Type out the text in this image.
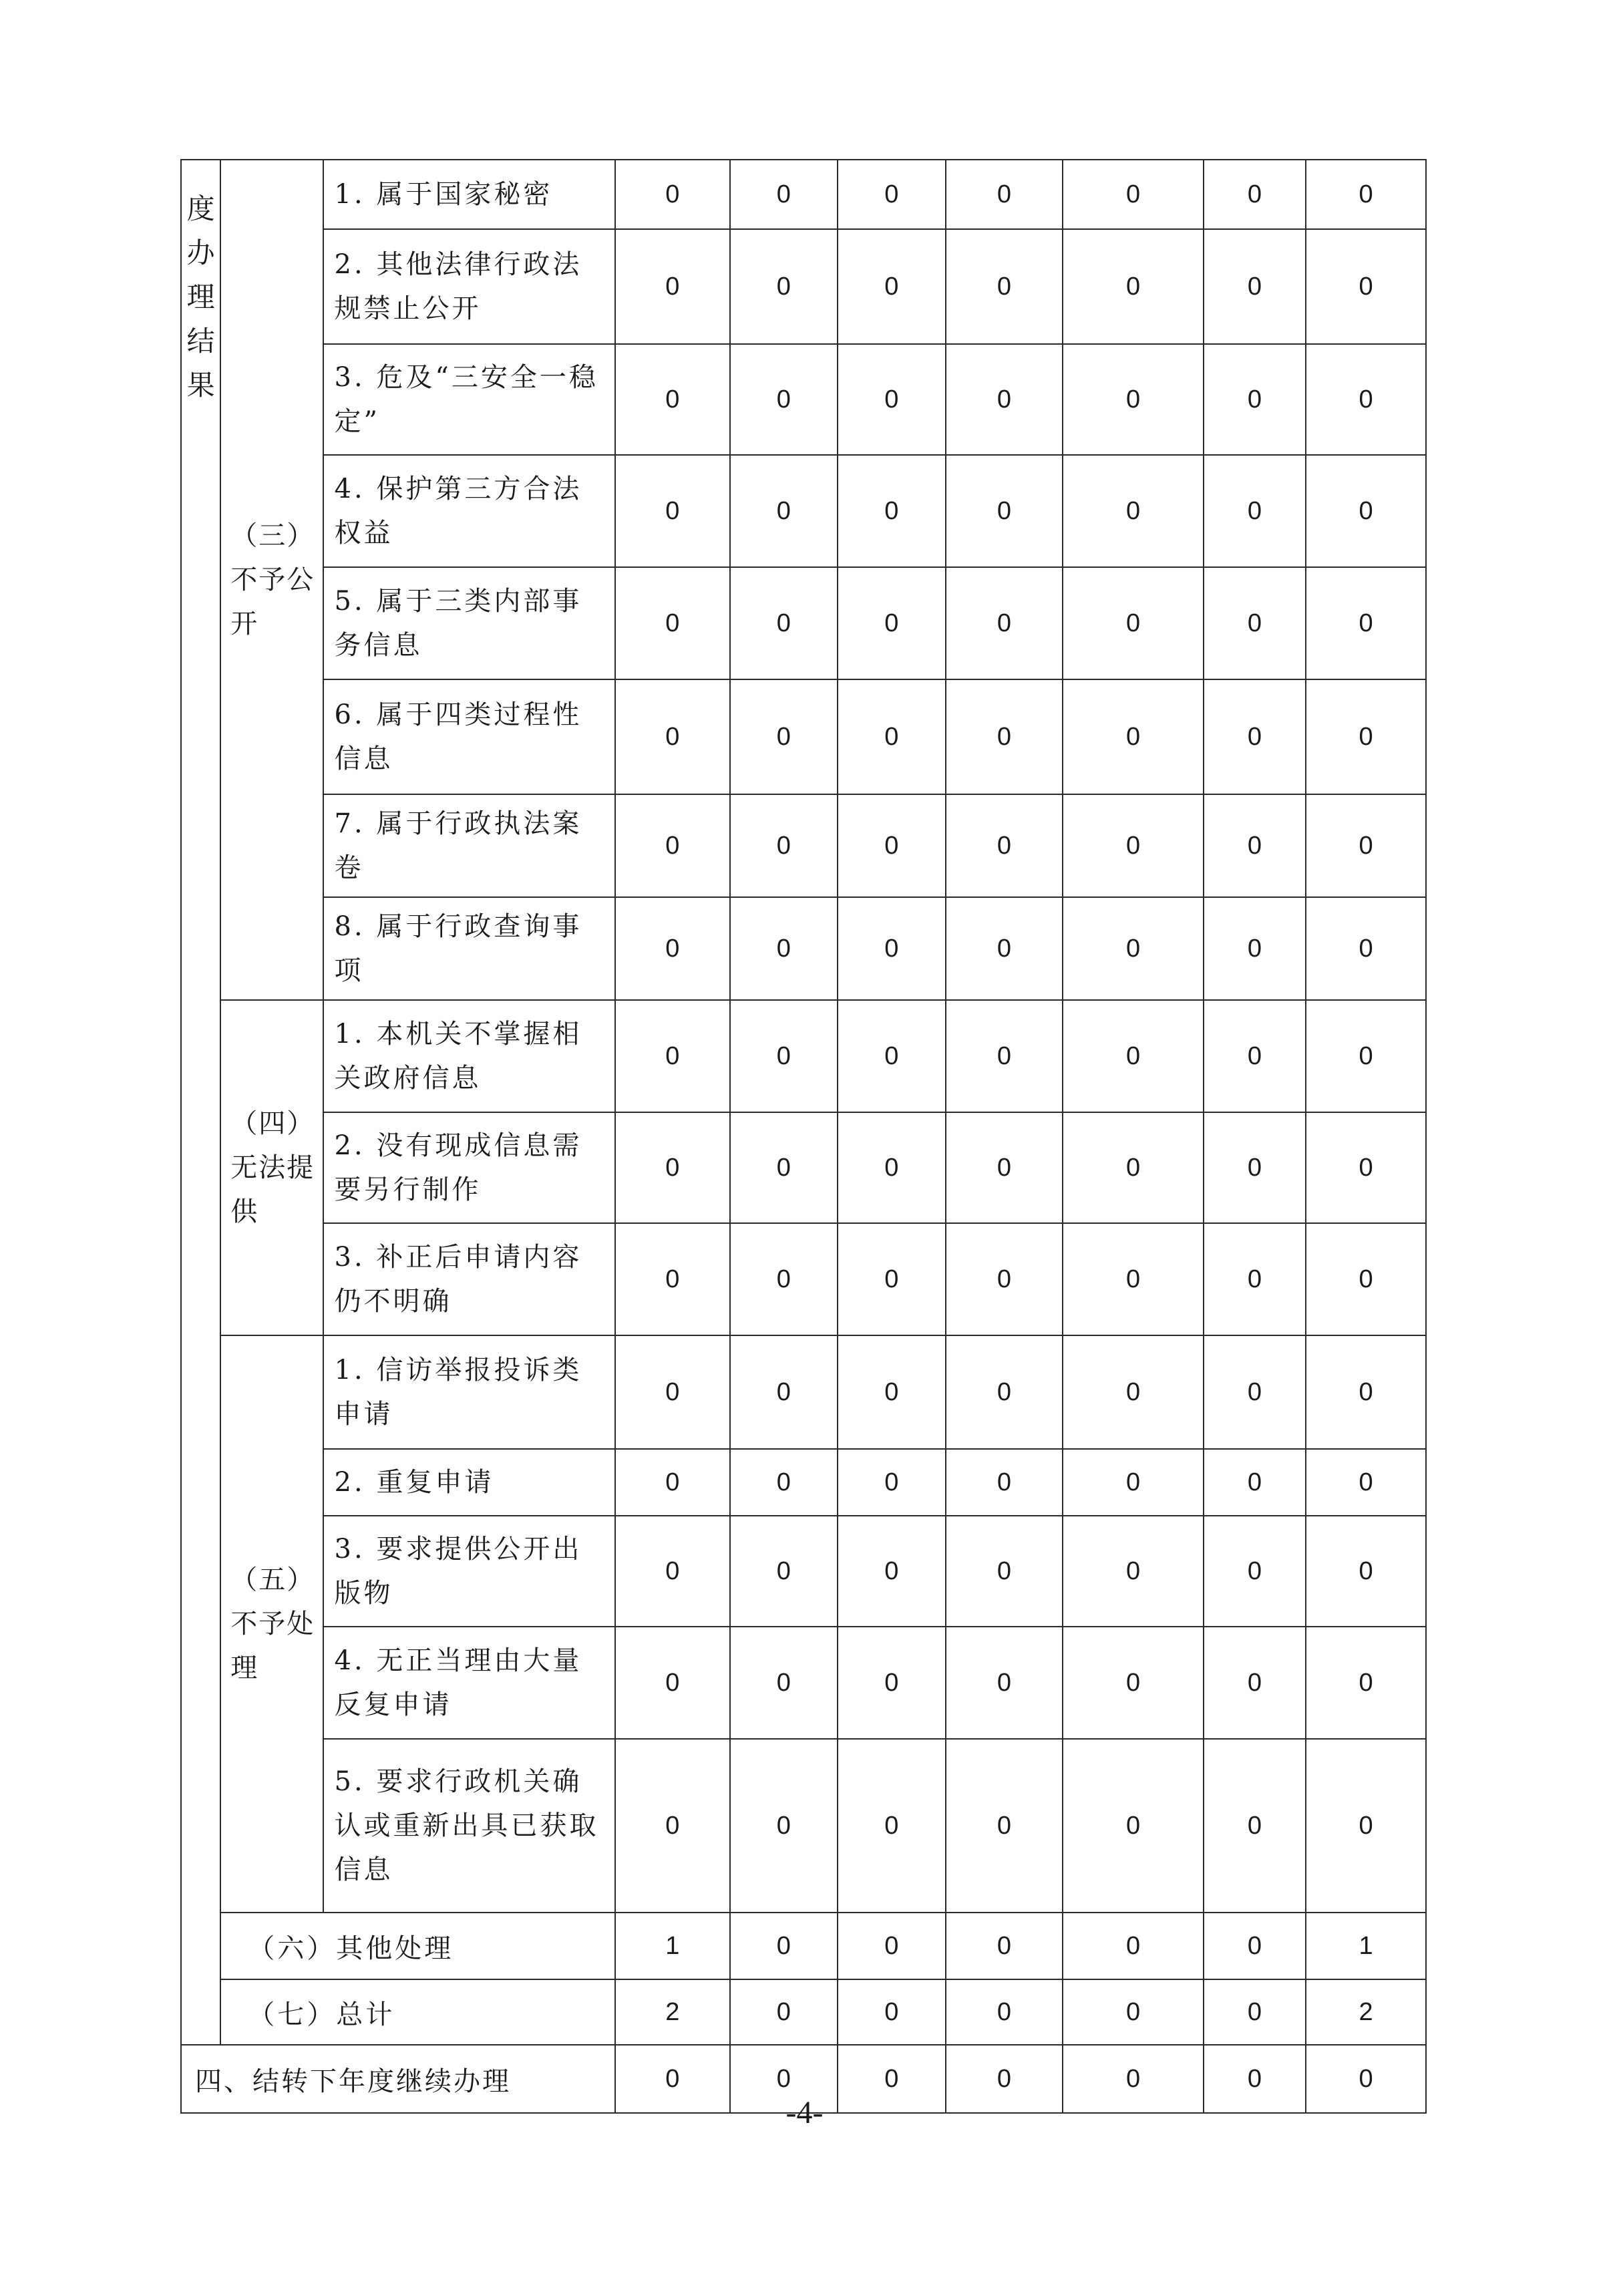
度办理结果	（三）不予公开	1. 属于国家秘密	0	0	0	0	0	0	0
		2. 其他法律行政法规禁止公开	0	0	0	0	0	0	0
		3. 危及“三安全一稳定”	0	0	0	0	0	0	0
		4. 保护第三方合法权益	0	0	0	0	0	0	0
		5. 属于三类内部事务信息	0	0	0	0	0	0	0
		6. 属于四类过程性信息	0	0	0	0	0	0	0
		7. 属于行政执法案卷	0	0	0	0	0	0	0
		8. 属于行政查询事项	0	0	0	0	0	0	0
	（四）无法提供	1. 本机关不掌握相关政府信息	0	0	0	0	0	0	0
		2. 没有现成信息需要另行制作	0	0	0	0	0	0	0
		3. 补正后申请内容仍不明确	0	0	0	0	0	0	0
	（五）不予处理	1. 信访举报投诉类申请	0	0	0	0	0	0	0
		2. 重复申请	0	0	0	0	0	0	0
		3. 要求提供公开出版物	0	0	0	0	0	0	0
		4. 无正当理由大量反复申请	0	0	0	0	0	0	0
		5. 要求行政机关确认或重新出具已获取信息	0	0	0	0	0	0	0
	（六）其他处理		1	0	0	0	0	0	1
	（七）总计		2	0	0	0	0	0	2
四、结转下年度继续办理			0	0	0	0	0	0	0
-4-
